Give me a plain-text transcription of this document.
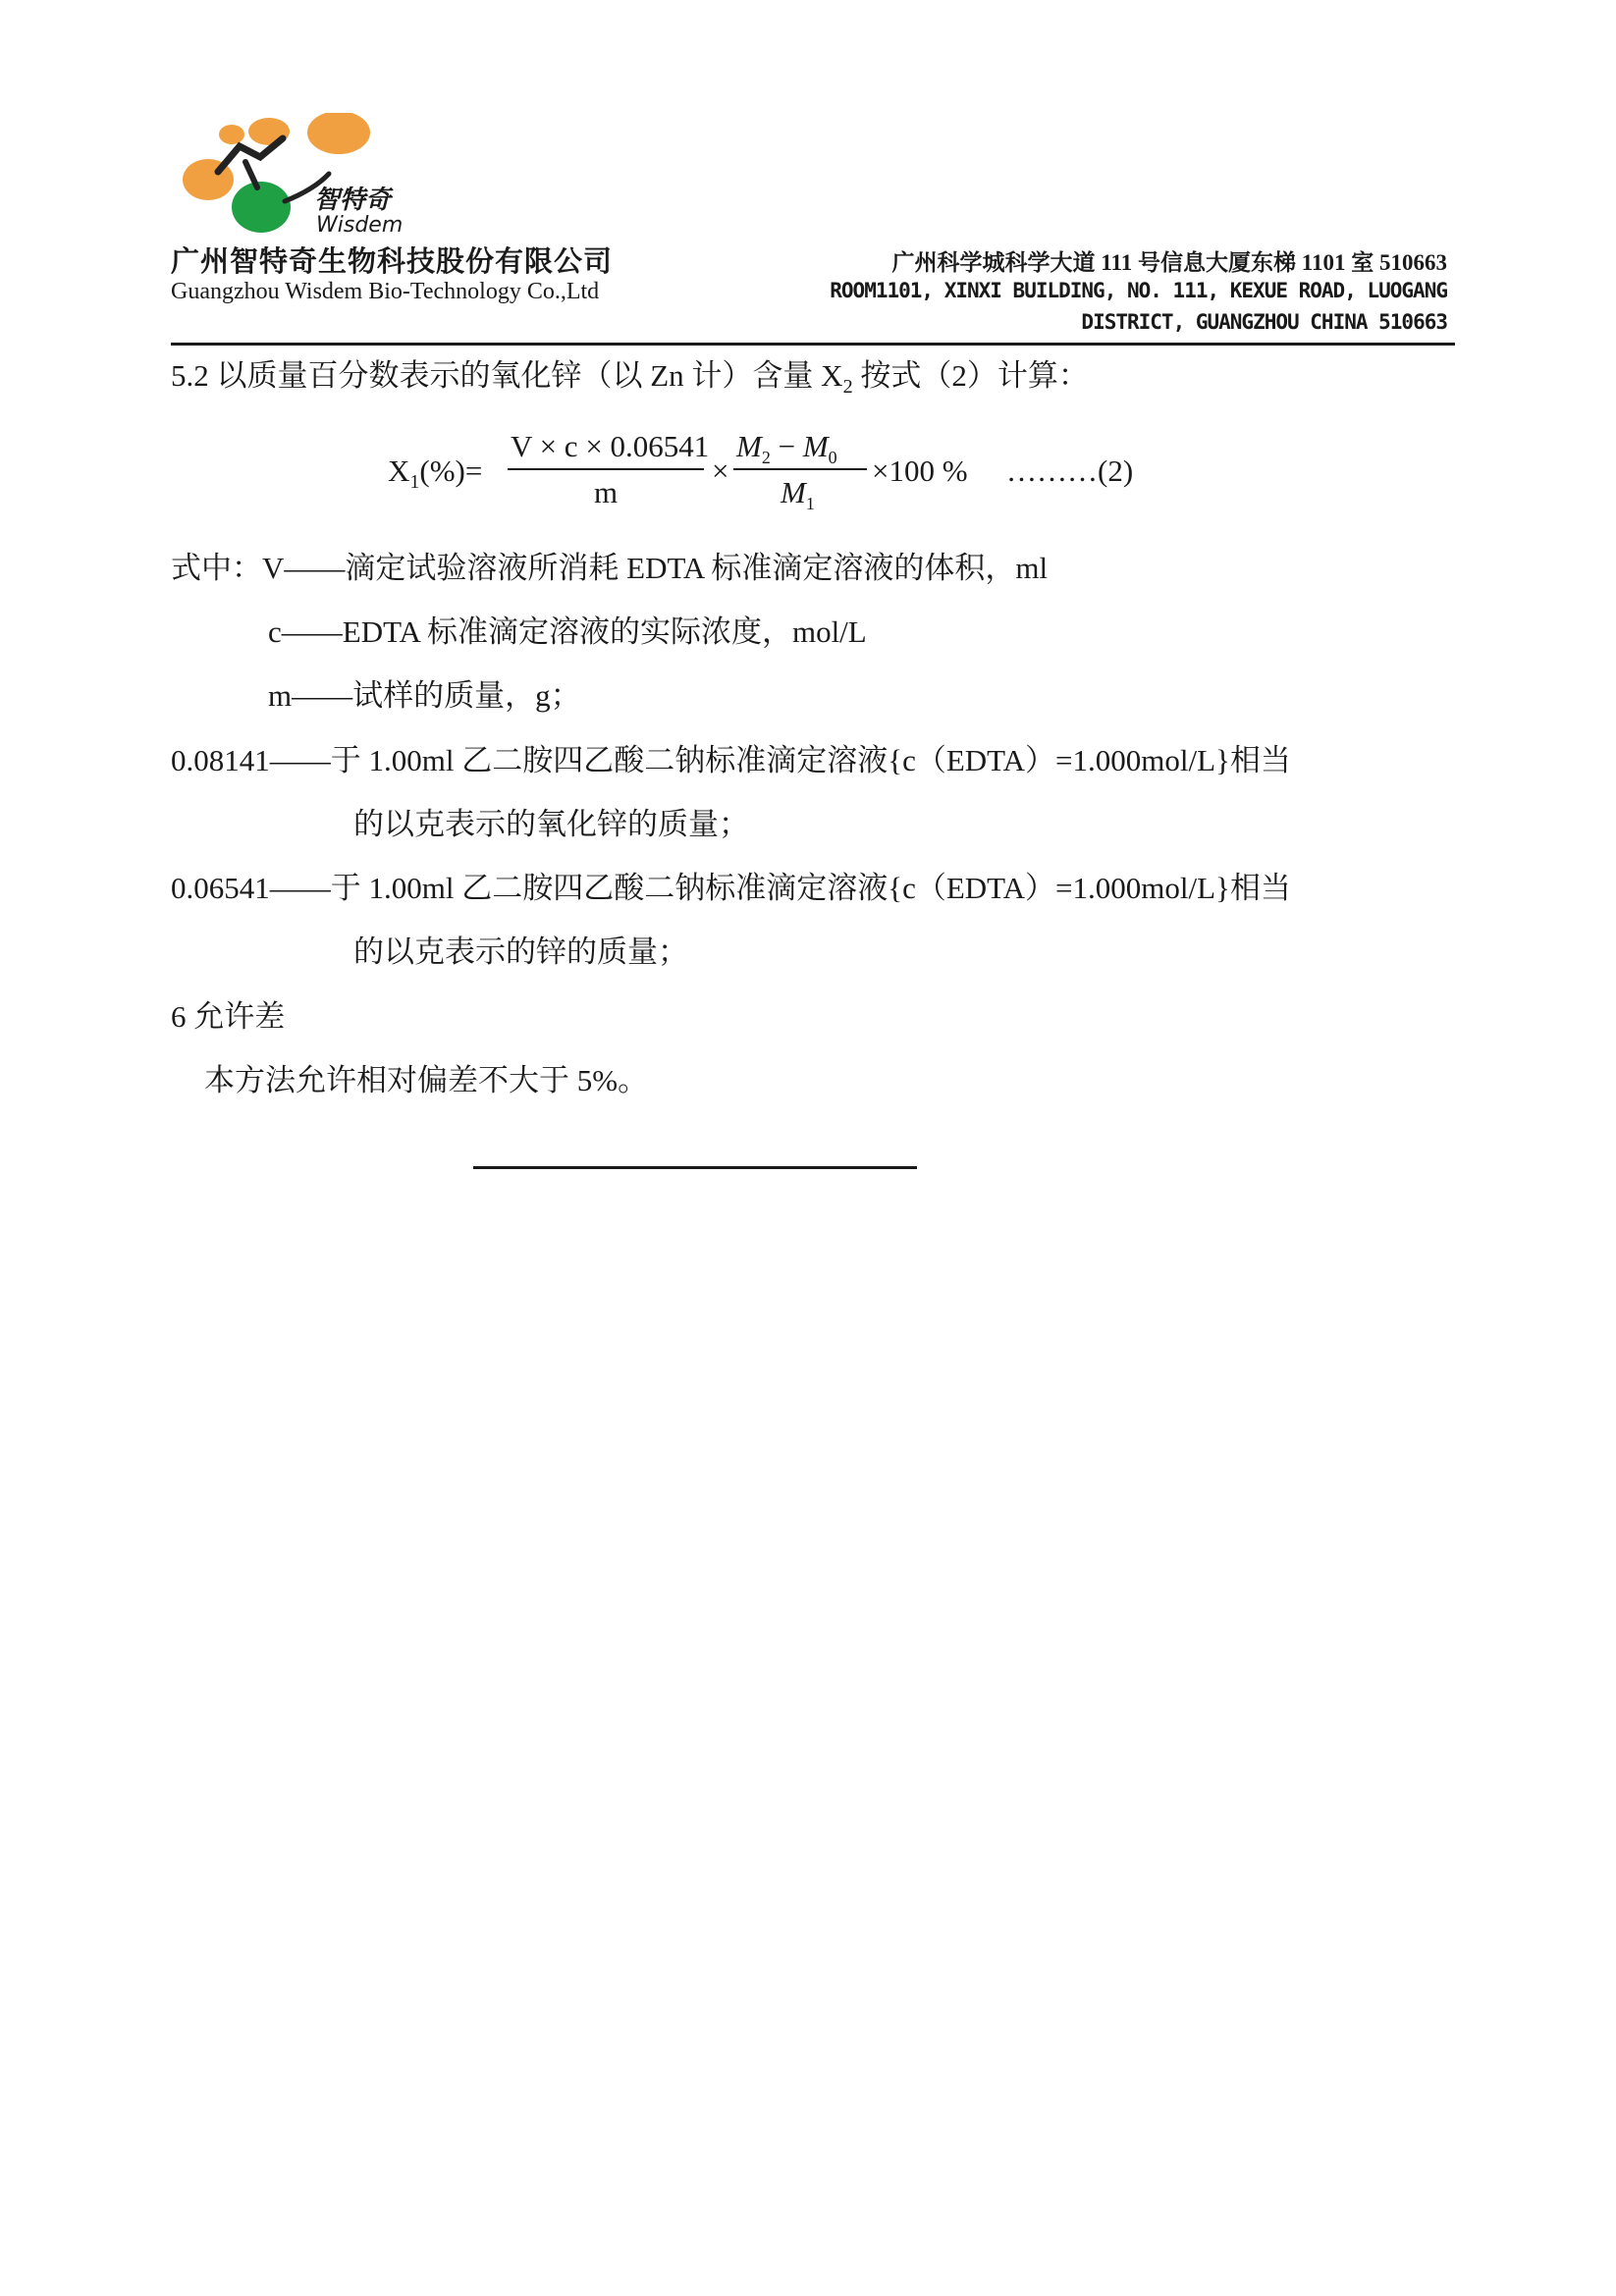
智特奇
Wisdem
广州智特奇生物科技股份有限公司
Guangzhou Wisdem Bio-Technology Co.,Ltd
广州科学城科学大道 111 号信息大厦东梯 1101 室 510663
ROOM1101, XINXI BUILDING, NO. 111, KEXUE ROAD, LUOGANG
DISTRICT, GUANGZHOU CHINA 510663
5.2 以质量百分数表示的氧化锌（以 Zn 计）含量 $X_2$ 按式（2）计算：
$X_1(\%)=$
V × c × 0.06541
m
×
$M_2 - M_0$
$M_1$
×100 % ………(2)
式中：V——滴定试验溶液所消耗 EDTA 标准滴定溶液的体积，ml
c——EDTA 标准滴定溶液的实际浓度，mol/L
m——试样的质量，g；
0.08141——于 1.00ml 乙二胺四乙酸二钠标准滴定溶液{c（EDTA）=1.000mol/L}相当
的以克表示的氧化锌的质量；
0.06541——于 1.00ml 乙二胺四乙酸二钠标准滴定溶液{c（EDTA）=1.000mol/L}相当
的以克表示的锌的质量；
6 允许差
本方法允许相对偏差不大于 5%。
